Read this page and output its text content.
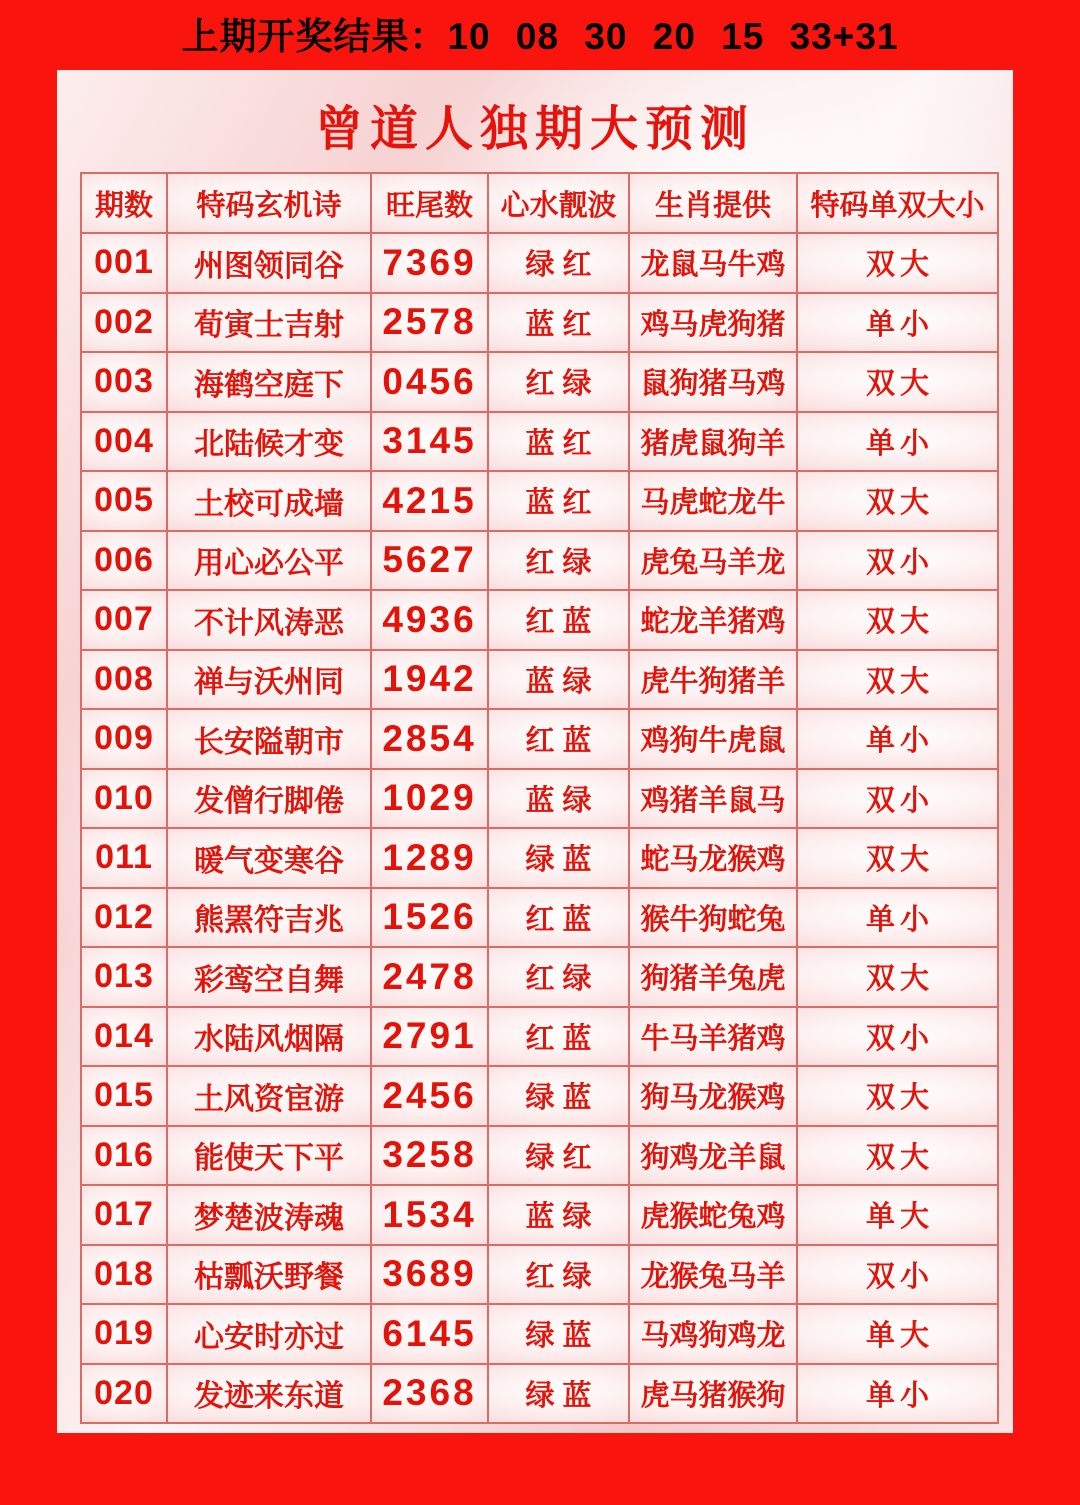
上期开奖结果：10 08 30 20 15 33+31
曾道人独期大预测
期数	特码玄机诗	旺尾数	心水靓波	生肖提供	特码单双大小
001	州图领同谷	7369	绿红	龙鼠马牛鸡	双大
002	荀寅士吉射	2578	蓝红	鸡马虎狗猪	单小
003	海鹤空庭下	0456	红绿	鼠狗猪马鸡	双大
004	北陆候才变	3145	蓝红	猪虎鼠狗羊	单小
005	土校可成墙	4215	蓝红	马虎蛇龙牛	双大
006	用心必公平	5627	红绿	虎兔马羊龙	双小
007	不计风涛恶	4936	红蓝	蛇龙羊猪鸡	双大
008	禅与沃州同	1942	蓝绿	虎牛狗猪羊	双大
009	长安隘朝市	2854	红蓝	鸡狗牛虎鼠	单小
010	发僧行脚倦	1029	蓝绿	鸡猪羊鼠马	双小
011	暖气变寒谷	1289	绿蓝	蛇马龙猴鸡	双大
012	熊罴符吉兆	1526	红蓝	猴牛狗蛇兔	单小
013	彩鸾空自舞	2478	红绿	狗猪羊兔虎	双大
014	水陆风烟隔	2791	红蓝	牛马羊猪鸡	双小
015	土风资宦游	2456	绿蓝	狗马龙猴鸡	双大
016	能使天下平	3258	绿红	狗鸡龙羊鼠	双大
017	梦楚波涛魂	1534	蓝绿	虎猴蛇兔鸡	单大
018	枯瓢沃野餐	3689	红绿	龙猴兔马羊	双小
019	心安时亦过	6145	绿蓝	马鸡狗鸡龙	单大
020	发迹来东道	2368	绿蓝	虎马猪猴狗	单小
